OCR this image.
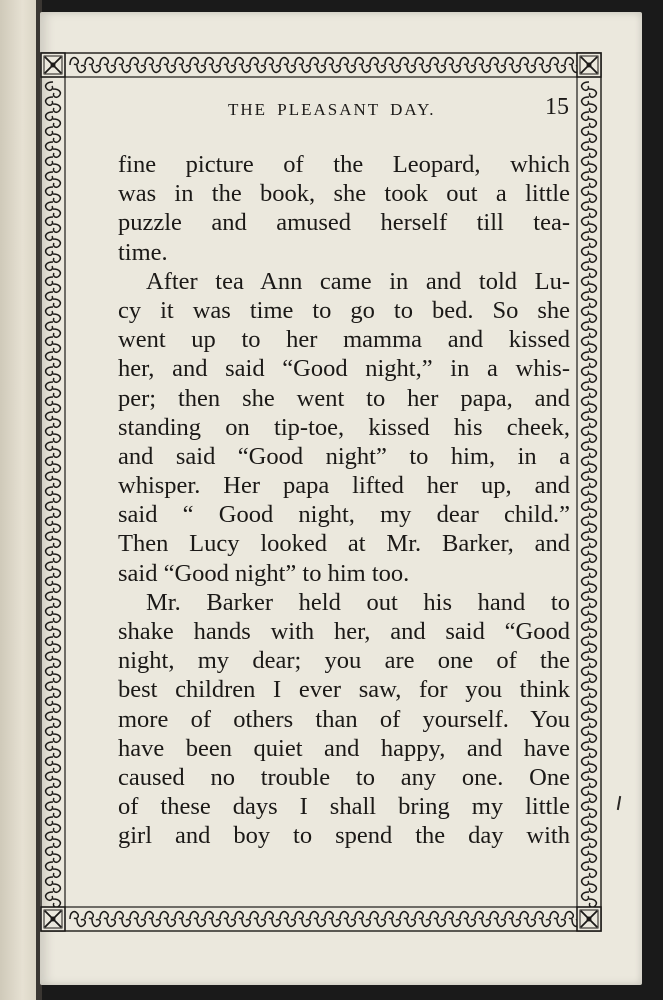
THE PLEASANT DAY.	15
fine picture of the Leopard, which
was in the book, she took out a little
puzzle and amused herself till tea-
time.
After tea Ann came in and told Lu-
cy it was time to go to bed. So she
went up to her mamma and kissed
her, and said “Good night,” in a whis-
per; then she went to her papa, and
standing on tip-toe, kissed his cheek,
and said “Good night” to him, in a
whisper. Her papa lifted her up, and
said “ Good night, my dear child.”
Then Lucy looked at Mr. Barker, and
said “Good night” to him too.
Mr. Barker held out his hand to
shake hands with her, and said “Good
night, my dear; you are one of the
best children I ever saw, for you think
more of others than of yourself. You
have been quiet and happy, and have
caused no trouble to any one. One
of these days I shall bring my little
girl and boy to spend the day with
